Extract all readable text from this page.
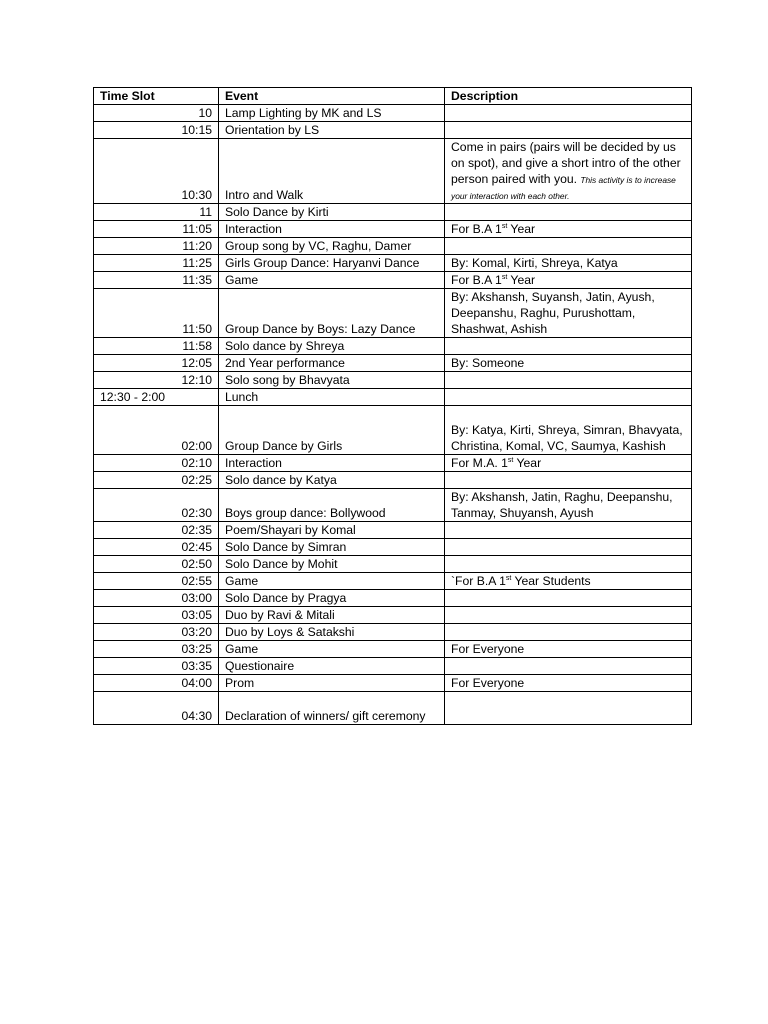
Time Slot	Event	Description
10	Lamp Lighting by MK and LS	
10:15	Orientation by LS	
10:30	Intro and Walk	Come in pairs (pairs will be decided by us on spot), and give a short intro of the other person paired with you. This activity is to increase your interaction with each other.
11	Solo Dance by Kirti	
11:05	Interaction	For B.A 1st Year
11:20	Group song by VC, Raghu, Damer	
11:25	Girls Group Dance: Haryanvi Dance	By: Komal, Kirti, Shreya, Katya
11:35	Game	For B.A 1st Year
11:50	Group Dance by Boys: Lazy Dance	By: Akshansh, Suyansh, Jatin, Ayush, Deepanshu, Raghu, Purushottam, Shashwat, Ashish
11:58	Solo dance by Shreya	
12:05	2nd Year performance	By: Someone
12:10	Solo song by Bhavyata	
12:30 - 2:00	Lunch	
02:00	Group Dance by Girls	By: Katya, Kirti, Shreya, Simran, Bhavyata, Christina, Komal, VC, Saumya, Kashish
02:10	Interaction	For M.A. 1st Year
02:25	Solo dance by Katya	
02:30	Boys group dance: Bollywood	By: Akshansh, Jatin, Raghu, Deepanshu, Tanmay, Shuyansh, Ayush
02:35	Poem/Shayari by Komal	
02:45	Solo Dance by Simran	
02:50	Solo Dance by Mohit	
02:55	Game	`For B.A 1st Year Students
03:00	Solo Dance by Pragya	
03:05	Duo by Ravi & Mitali	
03:20	Duo by Loys & Satakshi	
03:25	Game	For Everyone
03:35	Questionaire	
04:00	Prom	For Everyone
04:30	Declaration of winners/ gift ceremony	
